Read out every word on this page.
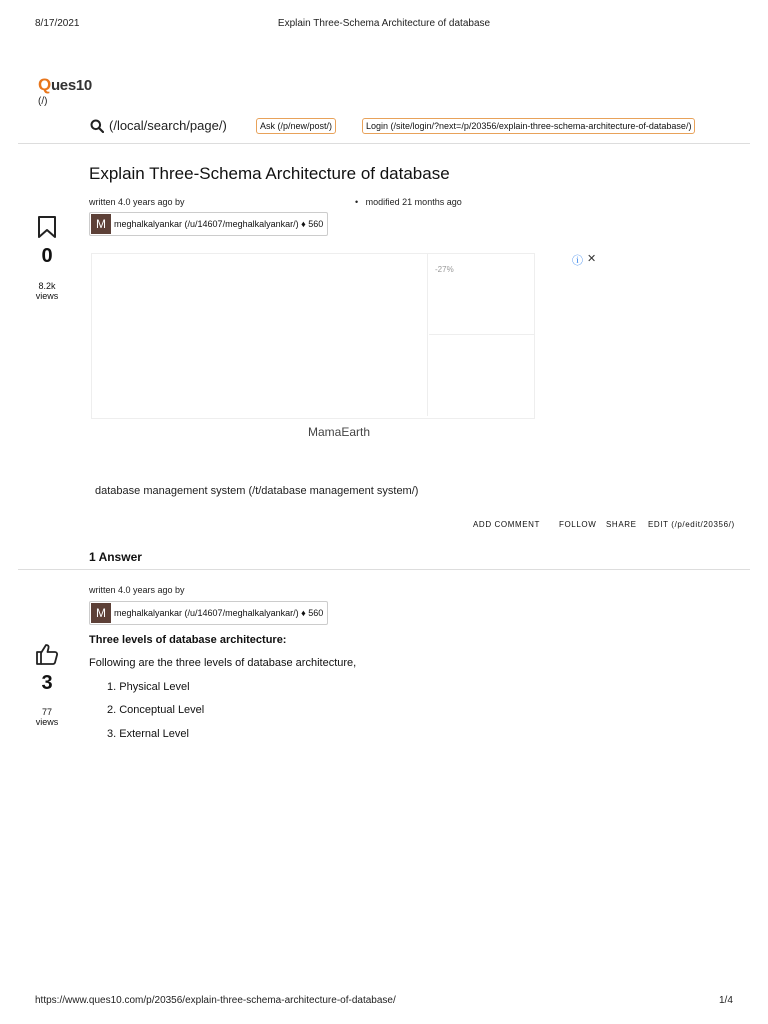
8/17/2021	Explain Three-Schema Architecture of database
Ques10
(/)
(/local/search/page/)	Ask (/p/new/post/)	Login (/site/login/?next=/p/20356/explain-three-schema-architecture-of-database/)
Explain Three-Schema Architecture of database
written 4.0 years ago by	•   modified 21 months ago
M meghalkalyankar (/u/14607/meghalkalyankar/) ♦ 560
0
8.2k
views
-27%
ⓘ ✕
MamaEarth
database management system (/t/database management system/)
ADD COMMENT FOLLOW SHARE EDIT (/p/edit/20356/)
1 Answer
written 4.0 years ago by
M meghalkalyankar (/u/14607/meghalkalyankar/) ♦ 560
3
77
views
Three levels of database architecture:
Following are the three levels of database architecture,
1. Physical Level
2. Conceptual Level
3. External Level
https://www.ques10.com/p/20356/explain-three-schema-architecture-of-database/	1/4
